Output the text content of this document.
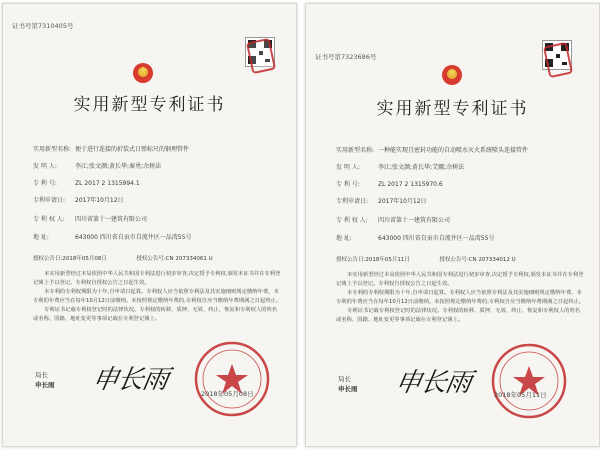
证书号第7310405号
实用新型专利证书
实用新型名称: 便于进行连接的折装式日弹标尺的钢埋管件
发 明 人:	李江;张文颜;黄长华;秦勇;余树法
专 利 号:	ZL 2017 2 1315994.1
专利申请日: 2017年10月12日
专 利 权 人: 四川省第十一建筑有限公司
地 址:	643000 四川省自贡市自流井区一品湾55号
授权公告日:2018年05月08日	授权公告号:CN 207334061 U

本实用新型经过本局依照中华人民共和国专利法进行初步审查,决定授予专利权,颁发本证书并在专利登记簿上予以登记。专利权自授权公告之日起生效。

本专利的专利权期限为十年,自申请日起算。专利权人应当依照专利法及其实施细则规定缴纳年费。本专利的年费应当在每年10月12日前缴纳。未按照规定缴纳年费的,专利权自应当缴纳年费期满之日起终止。

专利证书记载专利权登记时的法律状况。专利权的转移、质押、无效、终止、恢复和专利权人的姓名或名称、国籍、地址变更等事项记载在专利登记簿上。

局长
申长雨 申长雨	2018年05月08日
证书号第7323686号
实用新型专利证书
实用新型名称: 一种能实现且密封功能的自动喷水灭火系统喷头连接管件
发 明 人:	李江;张文颜;黄长华;艾娜;余树法
专 利 号:	ZL 2017 2 1315970.6
专利申请日: 2017年10月12日
专 利 权 人: 四川省第十一建筑有限公司
地 址:	643000 四川省自贡市自流井区一品湾55号
授权公告日:2018年05月11日	授权公告号:CN 207334012 U

本实用新型经过本局依照中华人民共和国专利法进行初步审查,决定授予专利权,颁发本证书并在专利登记簿上予以登记。专利权自授权公告之日起生效。

本专利的专利权期限为十年,自申请日起算。专利权人应当依照专利法及其实施细则规定缴纳年费。本专利的年费应当在每年10月12日前缴纳。未按照规定缴纳年费的,专利权自应当缴纳年费期满之日起终止。

专利证书记载专利权登记时的法律状况。专利权的转移、质押、无效、终止、恢复和专利权人的姓名或名称、国籍、地址变更等事项记载在专利登记簿上。

局长
申长雨 申长雨	2018年05月11日
